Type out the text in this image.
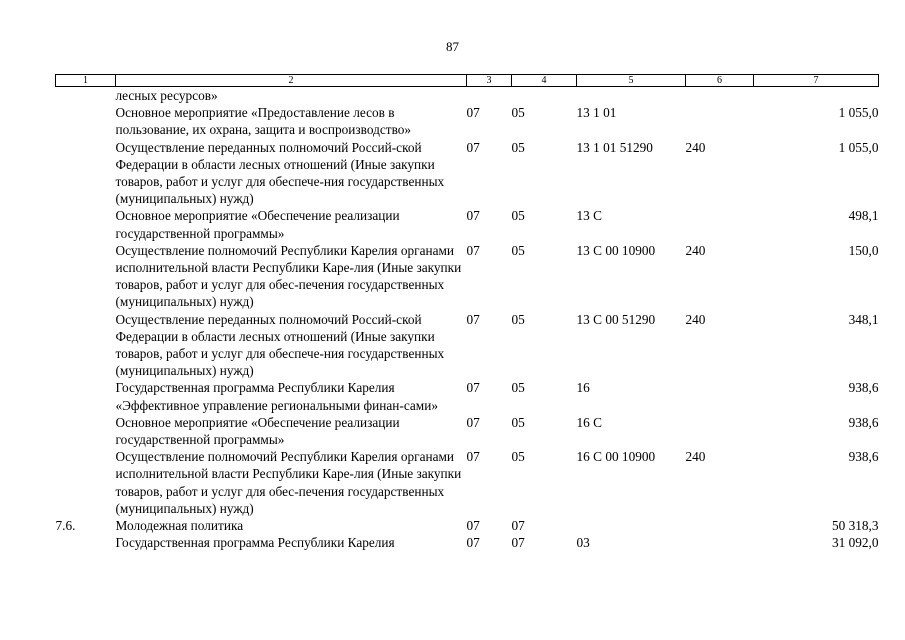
87
1	2	3	4	5	6	7
	лесных ресурсов»					
	Основное мероприятие «Предоставление лесов в пользование, их охрана, защита и воспроизводство»	07	05	13 1 01		1 055,0
	Осуществление переданных полномочий Россий-ской Федерации в области лесных отношений (Иные закупки товаров, работ и услуг для обеспече-ния государственных (муниципальных) нужд)	07	05	13 1 01 51290	240	1 055,0
	Основное мероприятие «Обеспечение реализации государственной программы»	07	05	13 С		498,1
	Осуществление полномочий Республики Карелия органами исполнительной власти Республики Каре-лия (Иные закупки товаров, работ и услуг для обес-печения государственных (муниципальных) нужд)	07	05	13 С 00 10900	240	150,0
	Осуществление переданных полномочий Россий-ской Федерации в области лесных отношений (Иные закупки товаров, работ и услуг для обеспече-ния государственных (муниципальных) нужд)	07	05	13 С 00 51290	240	348,1
	Государственная программа Республики Карелия «Эффективное управление региональными финан-сами»	07	05	16		938,6
	Основное мероприятие «Обеспечение реализации государственной программы»	07	05	16 С		938,6
	Осуществление полномочий Республики Карелия органами исполнительной власти Республики Каре-лия (Иные закупки товаров, работ и услуг для обес-печения государственных (муниципальных) нужд)	07	05	16 С 00 10900	240	938,6
7.6.	Молодежная политика	07	07			50 318,3
	Государственная программа Республики Карелия	07	07	03		31 092,0
